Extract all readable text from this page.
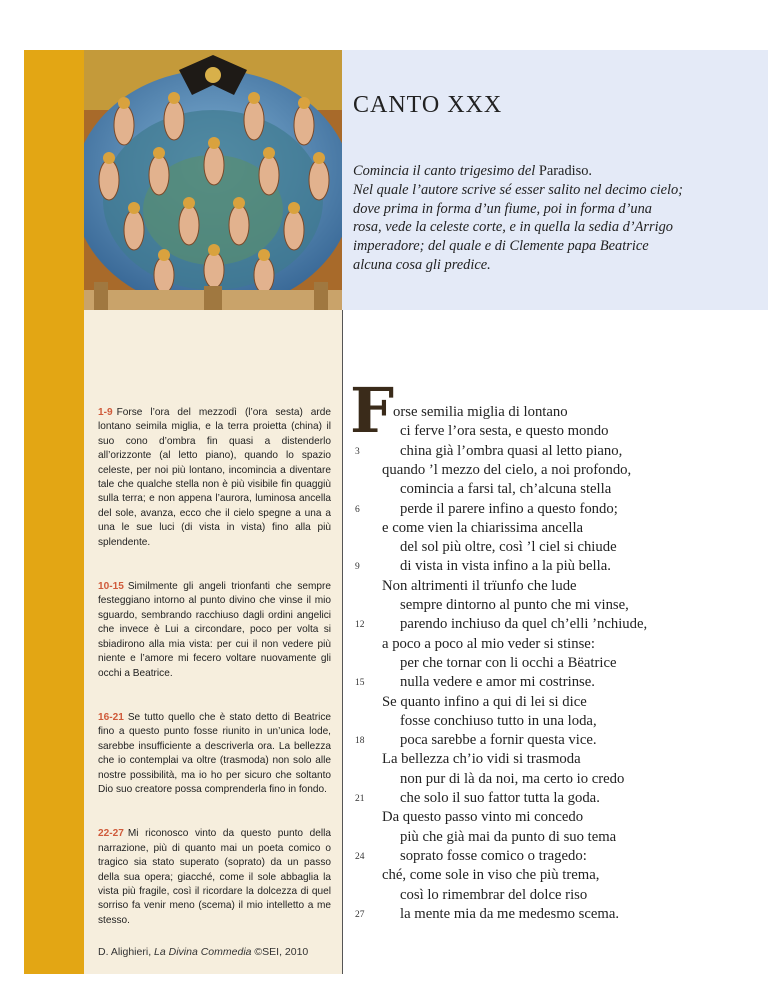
CANTO XXX

Comincia il canto trigesimo del Paradiso.

Nel quale l’autore scrive sé esser salito nel decimo cielo;

dove prima in forma d’un fiume, poi in forma d’una

rosa, vede la celeste corte, e in quella la sedia d’Arrigo

imperadore; del quale e di Clemente papa Beatrice

alcuna cosa gli predice.

1-9 Forse l’ora del mezzodì (l’ora sesta) arde lontano seimila miglia, e la terra proietta (china) il suo cono d’ombra fin quasi a distenderlo all’orizzonte (al letto piano), quando lo spazio celeste, per noi più lontano, incomincia a diventare tale che qualche stella non è più visibile fin quaggiù sulla terra; e non appena l’aurora, luminosa ancella del sole, avanza, ecco che il cielo spegne a una a una le sue luci (di vista in vista) fino alla più splendente.

10-15 Similmente gli angeli trionfanti che sempre festeggiano intorno al punto divino che vinse il mio sguardo, sembrando racchiuso dagli ordini angelici che invece è Lui a circondare, poco per volta si sbiadirono alla mia vista: per cui il non vedere più niente e l’amore mi fecero voltare nuovamente gli occhi a Beatrice.

16-21 Se tutto quello che è stato detto di Beatrice fino a questo punto fosse riunito in un’unica lode, sarebbe insufficiente a descriverla ora. La bellezza che io contemplai va oltre (trasmoda) non solo alle nostre possibilità, ma io ho per sicuro che soltanto Dio suo creatore possa comprenderla fino in fondo.

22-27 Mi riconosco vinto da questo punto della narrazione, più di quanto mai un poeta comico o tragico sia stato superato (soprato) da un passo della sua opera; giacché, come il sole abbaglia la vista più fragile, così il ricordare la dolcezza di quel sorriso fa venir meno (scema) il mio intelletto a me stesso.

F
orse semilia miglia di lontano
ci ferve l’ora sesta, e questo mondo
china già l’ombra quasi al letto piano,
quando ’l mezzo del cielo, a noi profondo,
comincia a farsi tal, ch’alcuna stella
perde il parere infino a questo fondo;
e come vien la chiarissima ancella
del sol più oltre, così ’l ciel si chiude
di vista in vista infino a la più bella.
Non altrimenti il trïunfo che lude
sempre dintorno al punto che mi vinse,
parendo inchiuso da quel ch’elli ’nchiude,
a poco a poco al mio veder si stinse:
per che tornar con li occhi a Bëatrice
nulla vedere e amor mi costrinse.
Se quanto infino a qui di lei si dice
fosse conchiuso tutto in una loda,
poca sarebbe a fornir questa vice.
La bellezza ch’io vidi si trasmoda
non pur di là da noi, ma certo io credo
che solo il suo fattor tutta la goda.
Da questo passo vinto mi concedo
più che già mai da punto di suo tema
soprato fosse comico o tragedo:
ché, come sole in viso che più trema,
così lo rimembrar del dolce riso
la mente mia da me medesmo scema.
3
6
9
12
15
18
21
24
27
D. Alighieri, La Divina Commedia ©SEI, 2010
